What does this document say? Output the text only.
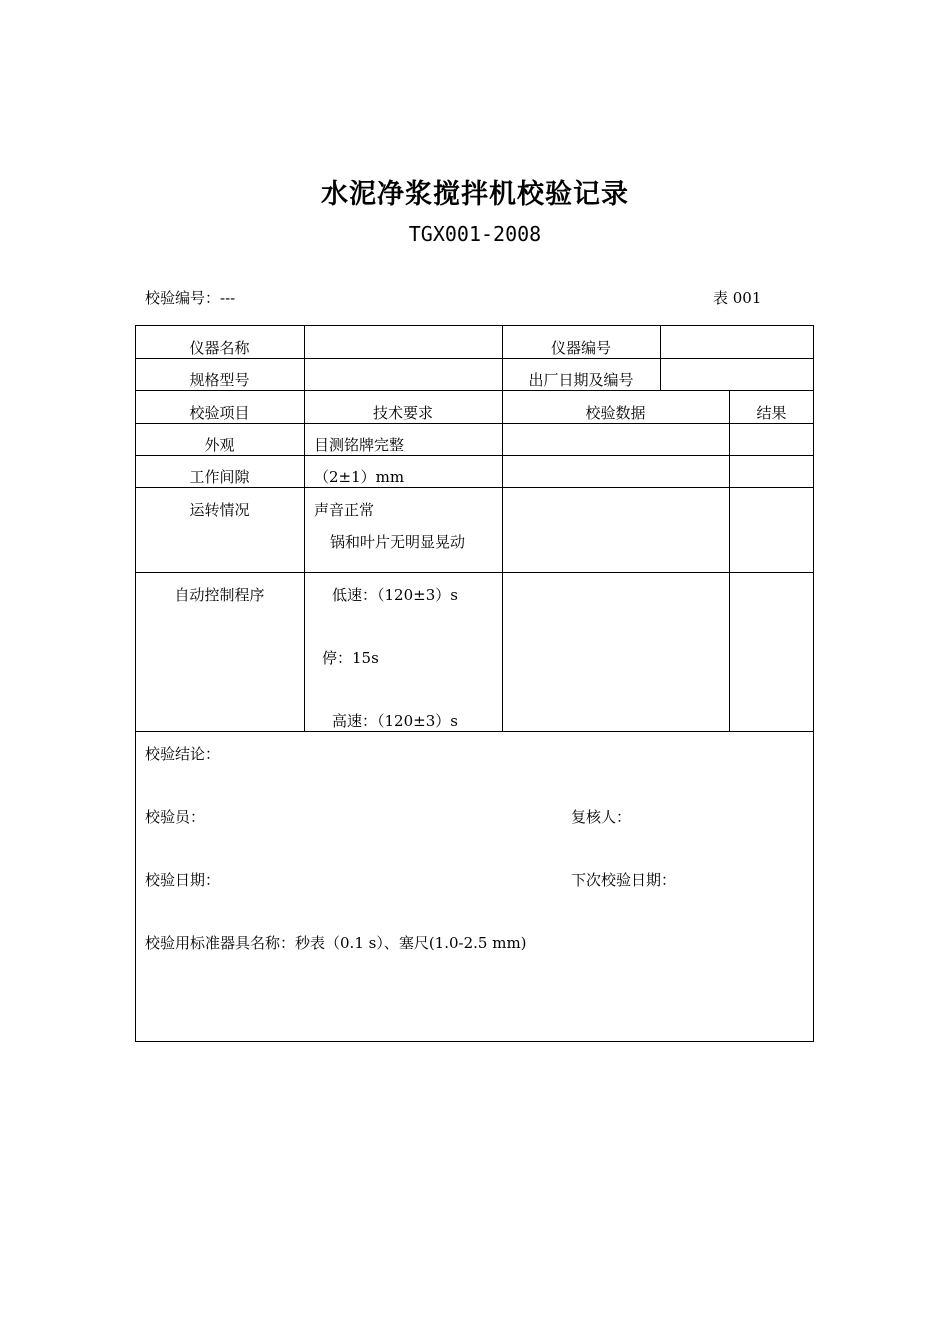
水泥净浆搅拌机校验记录
TGX001-2008
校验编号：---	表 001
仪器名称	仪器编号
规格型号	出厂日期及编号
校验项目	技术要求	校验数据	结果
外观	目测铭牌完整
工作间隙	（2±1）mm
运转情况	声音正常
锅和叶片无明显晃动
自动控制程序	低速：（120±3）s
停：15s
高速：（120±3）s
校验结论：
校验员：	复核人：
校验日期：	下次校验日期：
校验用标准器具名称：秒表（0.1 s）、塞尺(1.0-2.5 mm)
